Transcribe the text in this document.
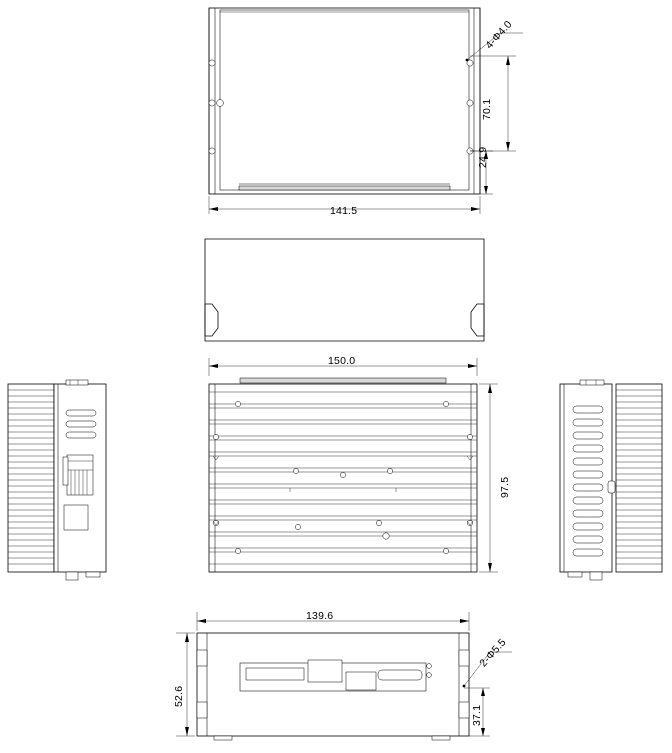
141.5
70.1
24.9
4-Φ4.0
150.0
97.5
139.6
52.6
37.1
2-Φ5.5
